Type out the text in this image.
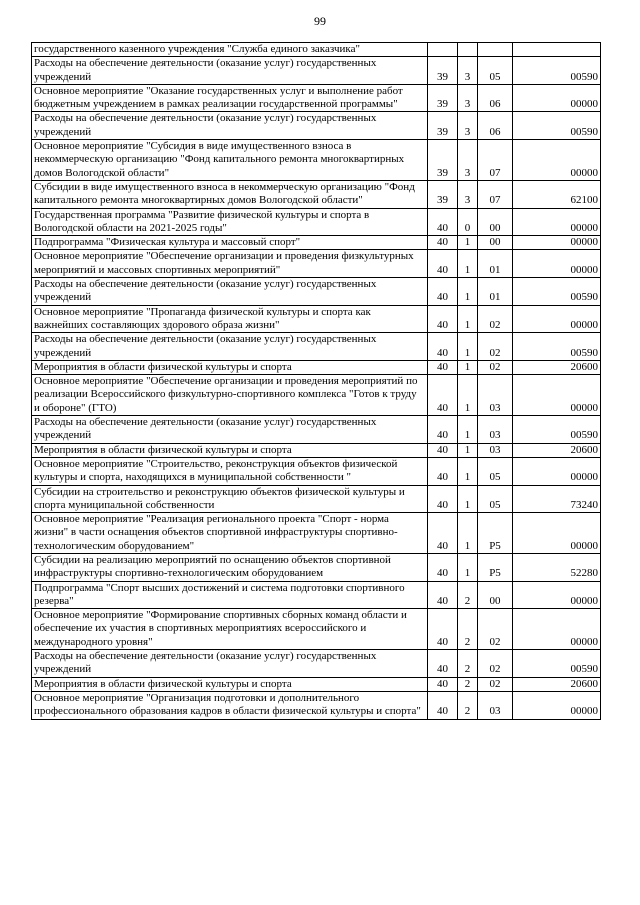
99
государственного казенного учреждения "Служба единого заказчика"				
Расходы на обеспечение деятельности (оказание услуг) государственных учреждений	39	3	05	00590
Основное мероприятие "Оказание государственных услуг и выполнение работ бюджетным учреждением в рамках реализации государственной программы"	39	3	06	00000
Расходы на обеспечение деятельности (оказание услуг) государственных учреждений	39	3	06	00590
Основное мероприятие "Субсидия в виде имущественного взноса в некоммерческую организацию "Фонд капитального ремонта многоквартирных домов Вологодской области"	39	3	07	00000
Субсидии в виде имущественного взноса в некоммерческую организацию "Фонд капитального ремонта многоквартирных домов Вологодской области"	39	3	07	62100
Государственная программа "Развитие физической культуры и спорта в Вологодской области на 2021-2025 годы"	40	0	00	00000
Подпрограмма "Физическая культура и массовый спорт"	40	1	00	00000
Основное мероприятие "Обеспечение организации и проведения физкультурных мероприятий и массовых спортивных мероприятий"	40	1	01	00000
Расходы на обеспечение деятельности (оказание услуг) государственных учреждений	40	1	01	00590
Основное мероприятие "Пропаганда физической культуры и спорта как важнейших составляющих здорового образа жизни"	40	1	02	00000
Расходы на обеспечение деятельности (оказание услуг) государственных учреждений	40	1	02	00590
Мероприятия в области физической культуры и спорта	40	1	02	20600
Основное мероприятие "Обеспечение организации и проведения мероприятий по реализации Всероссийского физкультурно-спортивного комплекса "Готов к труду и обороне" (ГТО)	40	1	03	00000
Расходы на обеспечение деятельности (оказание услуг) государственных учреждений	40	1	03	00590
Мероприятия в области физической культуры и спорта	40	1	03	20600
Основное мероприятие "Строительство, реконструкция объектов физической культуры и спорта, находящихся в муниципальной собственности "	40	1	05	00000
Субсидии на строительство и реконструкцию объектов физической культуры и спорта муниципальной собственности	40	1	05	73240
Основное мероприятие "Реализация регионального проекта "Спорт - норма жизни" в части оснащения объектов спортивной инфраструктуры спортивно-технологическим оборудованием"	40	1	Р5	00000
Субсидии на реализацию мероприятий по оснащению объектов спортивной инфраструктуры спортивно-технологическим оборудованием	40	1	Р5	52280
Подпрограмма "Спорт высших достижений и система подготовки спортивного резерва"	40	2	00	00000
Основное мероприятие "Формирование спортивных сборных команд области и обеспечение их участия в спортивных мероприятиях всероссийского и международного уровня"	40	2	02	00000
Расходы на обеспечение деятельности (оказание услуг) государственных учреждений	40	2	02	00590
Мероприятия в области физической культуры и спорта	40	2	02	20600
Основное мероприятие "Организация подготовки и дополнительного профессионального образования кадров в области физической культуры и спорта"	40	2	03	00000
